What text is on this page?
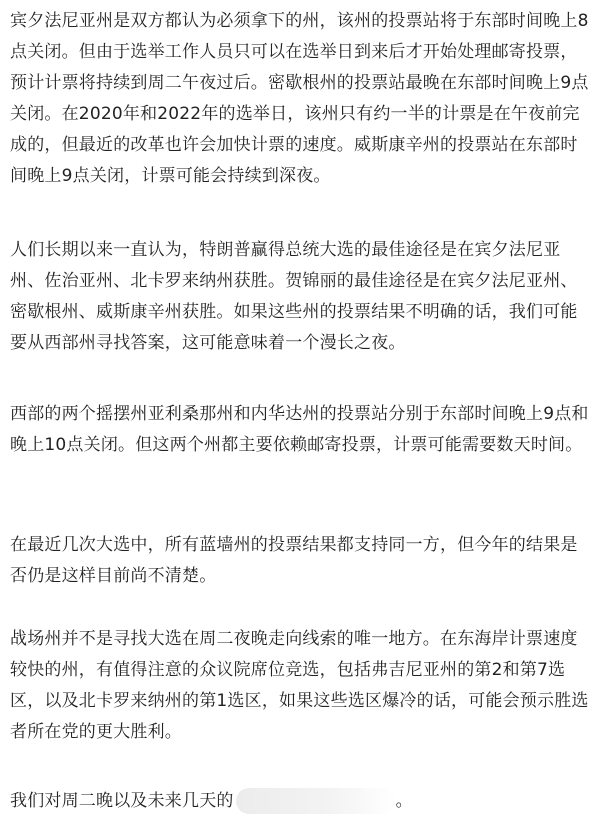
宾夕法尼亚州是双方都认为必须拿下的州，该州的投票站将于东部时间晚上8点关闭。但由于选举工作人员只可以在选举日到来后才开始处理邮寄投票，预计计票将持续到周二午夜过后。密歇根州的投票站最晚在东部时间晚上9点关闭。在2020年和2022年的选举日，该州只有约一半的计票是在午夜前完成的，但最近的改革也许会加快计票的速度。威斯康辛州的投票站在东部时间晚上9点关闭，计票可能会持续到深夜。

人们长期以来一直认为，特朗普赢得总统大选的最佳途径是在宾夕法尼亚州、佐治亚州、北卡罗来纳州获胜。贺锦丽的最佳途径是在宾夕法尼亚州、密歇根州、威斯康辛州获胜。如果这些州的投票结果不明确的话，我们可能要从西部州寻找答案，这可能意味着一个漫长之夜。

西部的两个摇摆州亚利桑那州和内华达州的投票站分别于东部时间晚上9点和晚上10点关闭。但这两个州都主要依赖邮寄投票，计票可能需要数天时间。

在最近几次大选中，所有蓝墙州的投票结果都支持同一方，但今年的结果是否仍是这样目前尚不清楚。

战场州并不是寻找大选在周二夜晚走向线索的唯一地方。在东海岸计票速度较快的州，有值得注意的众议院席位竞选，包括弗吉尼亚州的第2和第7选区，以及北卡罗来纳州的第1选区，如果这些选区爆冷的话，可能会预示胜选者所在党的更大胜利。

我们对周二晚以及未来几天的	。
